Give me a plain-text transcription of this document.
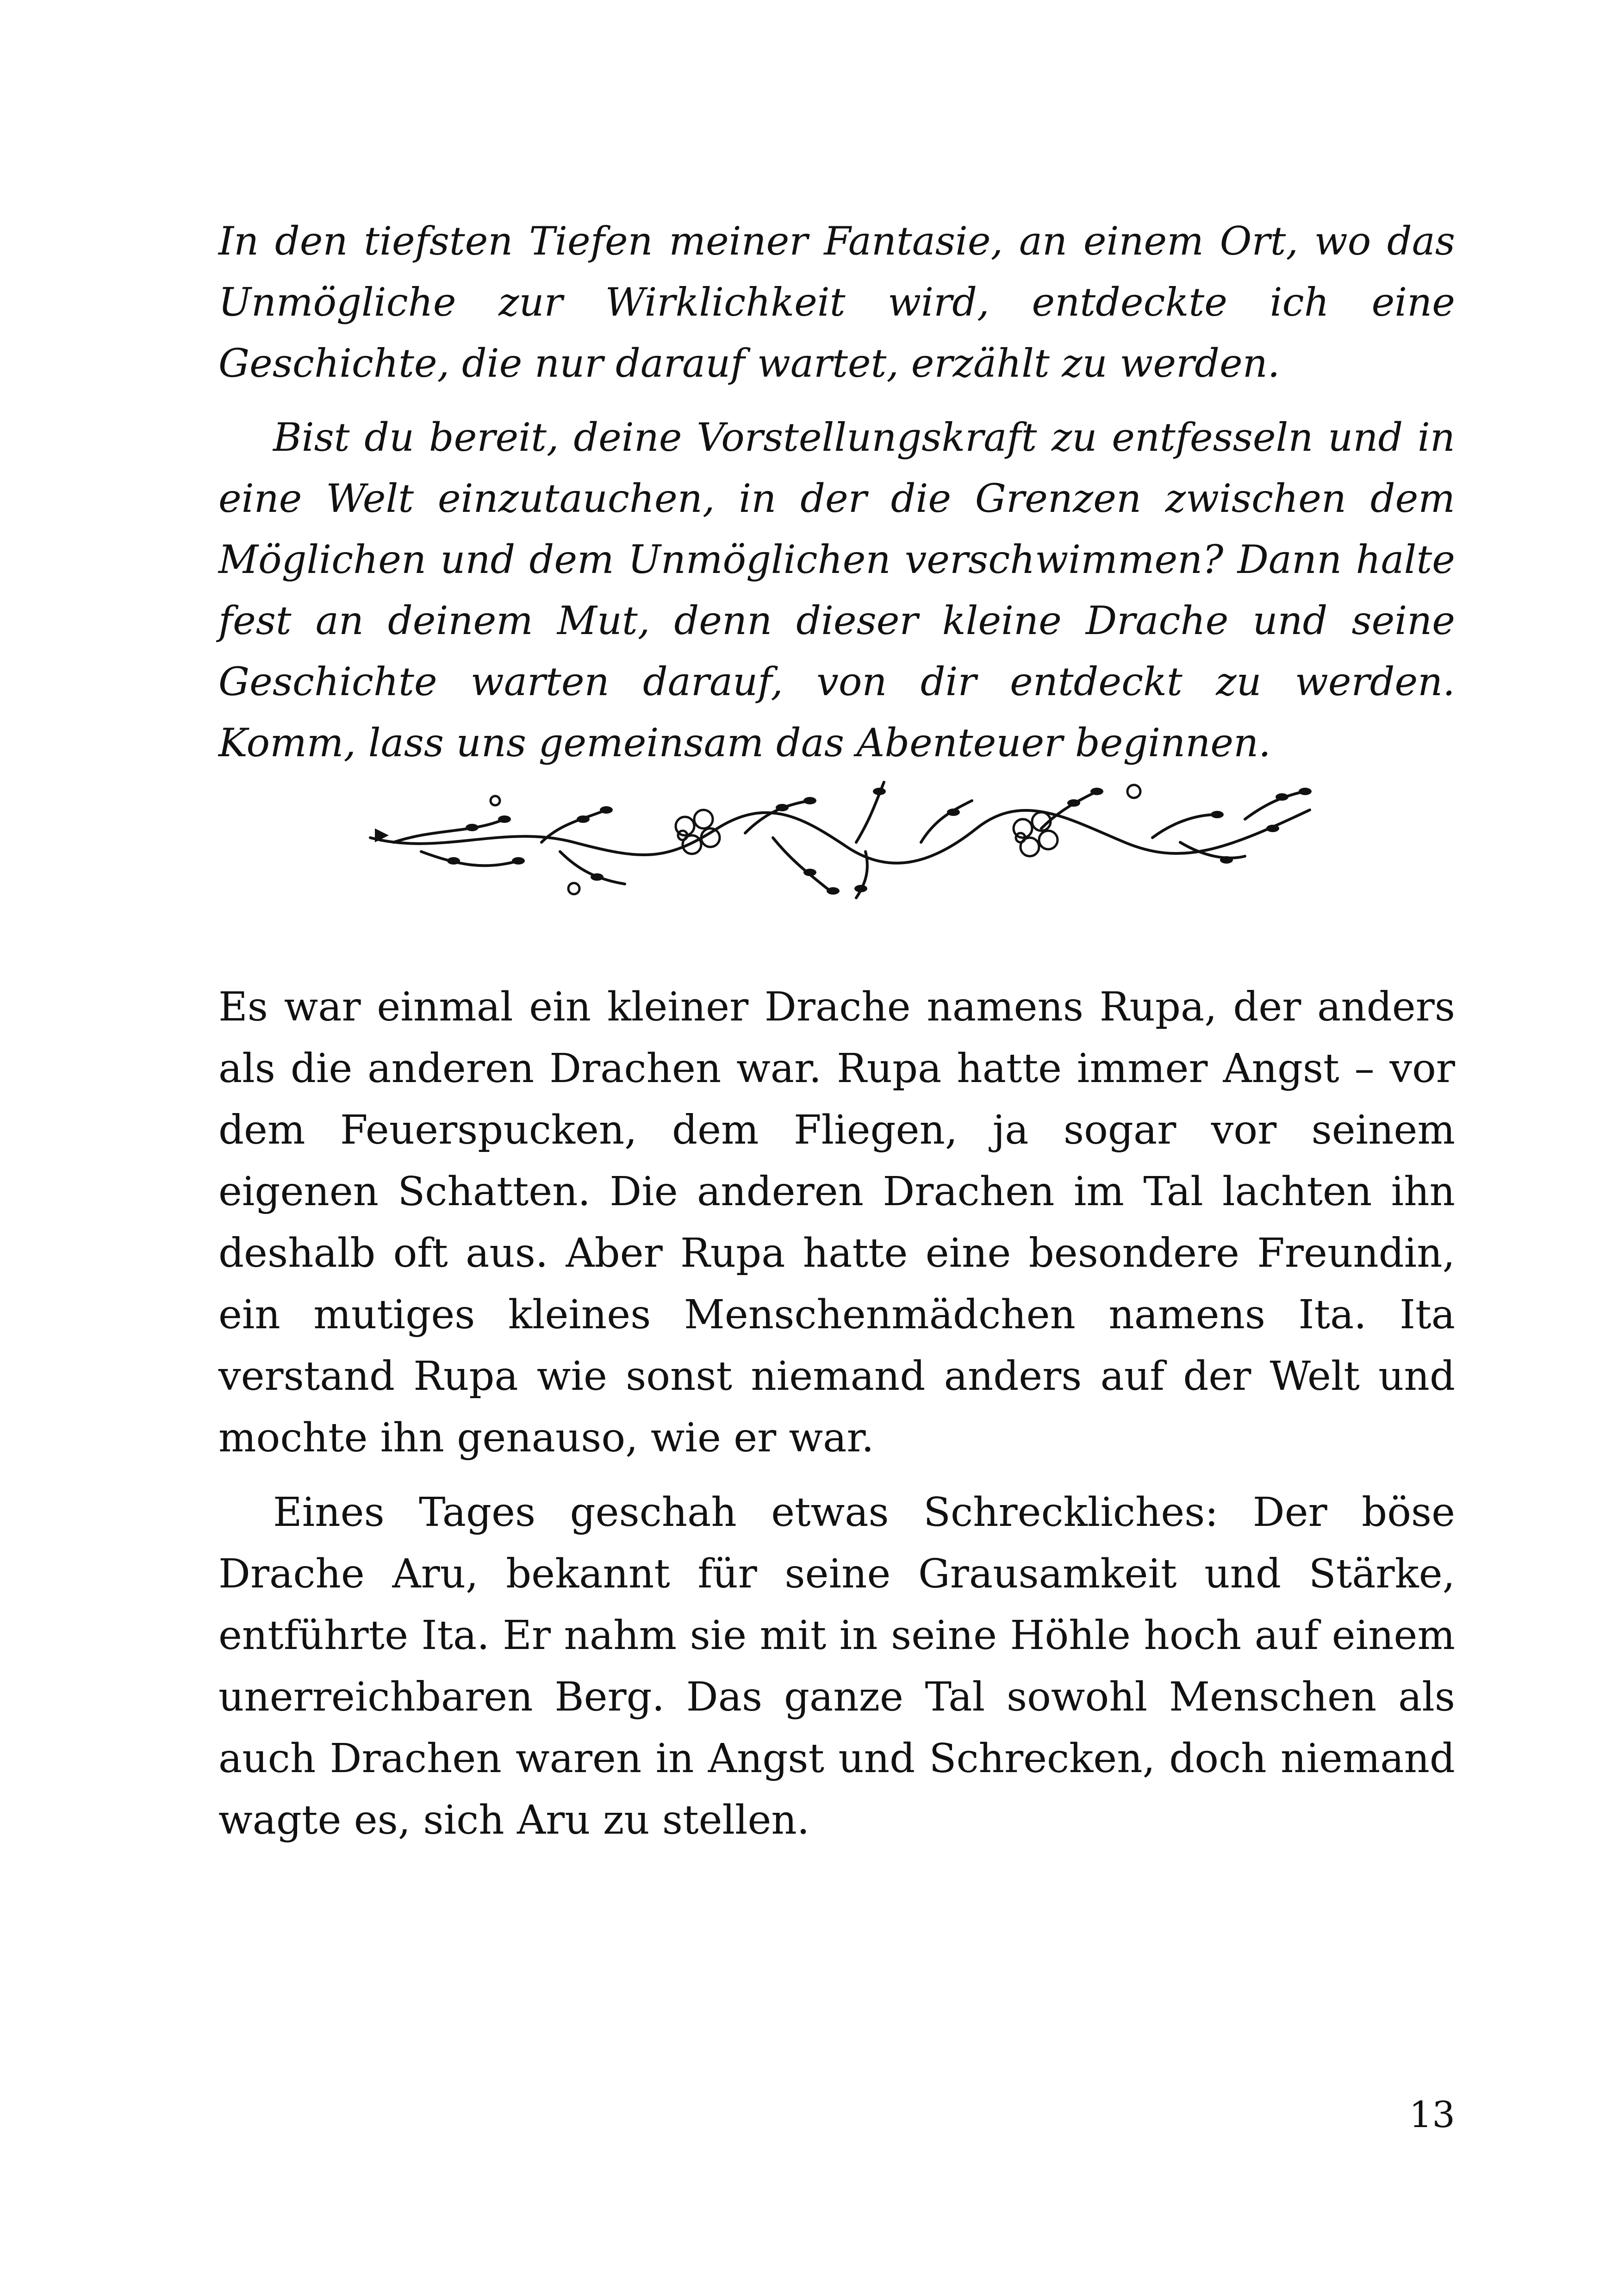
In den tiefsten Tiefen meiner Fantasie, an einem Ort, wo das Unmögliche zur Wirklichkeit wird, entdeckte ich eine Geschichte, die nur darauf wartet, erzählt zu werden.

Bist du bereit, deine Vorstellungskraft zu entfesseln und in eine Welt einzutauchen, in der die Grenzen zwischen dem Möglichen und dem Unmöglichen verschwimmen? Dann halte fest an deinem Mut, denn dieser kleine Drache und seine Geschichte warten darauf, von dir entdeckt zu werden. Komm, lass uns gemeinsam das Abenteuer beginnen.

Es war einmal ein kleiner Drache namens Rupa, der anders als die anderen Drachen war. Rupa hatte immer Angst – vor dem Feuerspucken, dem Fliegen, ja sogar vor seinem eigenen Schatten. Die anderen Drachen im Tal lachten ihn deshalb oft aus. Aber Rupa hatte eine besondere Freundin, ein mutiges kleines Menschenmädchen namens Ita. Ita verstand Rupa wie sonst niemand anders auf der Welt und mochte ihn genauso, wie er war.

Eines Tages geschah etwas Schreckliches: Der böse Drache Aru, bekannt für seine Grausamkeit und Stärke, entführte Ita. Er nahm sie mit in seine Höhle hoch auf einem unerreichbaren Berg. Das ganze Tal sowohl Menschen als auch Drachen waren in Angst und Schrecken, doch niemand wagte es, sich Aru zu stellen.

13
